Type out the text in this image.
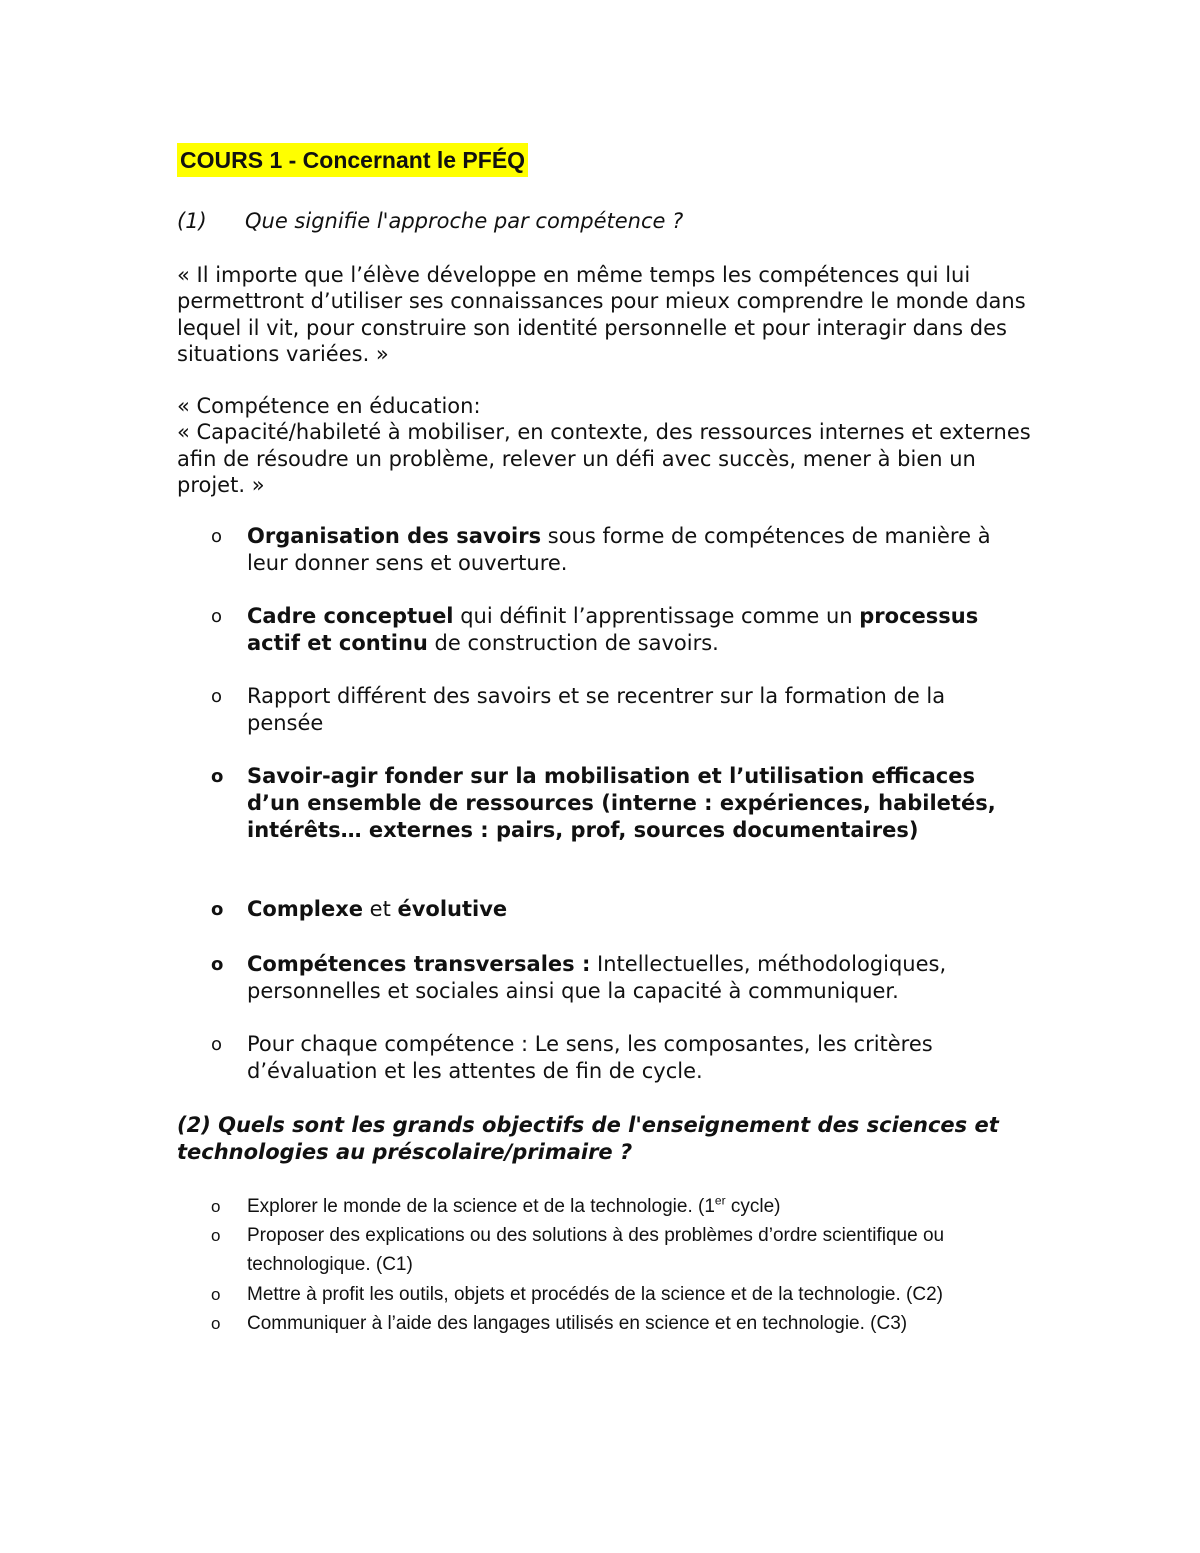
COURS 1 - Concernant le PFÉQ
(1) Que signifie l'approche par compétence ?

« Il importe que l’élève développe en même temps les compétences qui lui permettront d’utiliser ses connaissances pour mieux comprendre le monde dans lequel il vit, pour construire son identité personnelle et pour interagir dans des situations variées. »

« Compétence en éducation:
« Capacité/habileté à mobiliser, en contexte, des ressources internes et externes afin de résoudre un problème, relever un défi avec succès, mener à bien un projet. »
o Organisation des savoirs sous forme de compétences de manière à leur donner sens et ouverture.
o Cadre conceptuel qui définit l’apprentissage comme un processus actif et continu de construction de savoirs.
o Rapport différent des savoirs et se recentrer sur la formation de la pensée
o Savoir-agir fonder sur la mobilisation et l’utilisation efficaces d’un ensemble de ressources (interne : expériences, habiletés, intérêts… externes : pairs, prof, sources documentaires)
o Complexe et évolutive
o Compétences transversales : Intellectuelles, méthodologiques, personnelles et sociales ainsi que la capacité à communiquer.
o Pour chaque compétence : Le sens, les composantes, les critères d’évaluation et les attentes de fin de cycle.
(2) Quels sont les grands objectifs de l'enseignement des sciences et technologies au préscolaire/primaire ?
o Explorer le monde de la science et de la technologie. (1er cycle)
o Proposer des explications ou des solutions à des problèmes d’ordre scientifique ou technologique. (C1)
o Mettre à profit les outils, objets et procédés de la science et de la technologie. (C2)
o Communiquer à l’aide des langages utilisés en science et en technologie. (C3)
